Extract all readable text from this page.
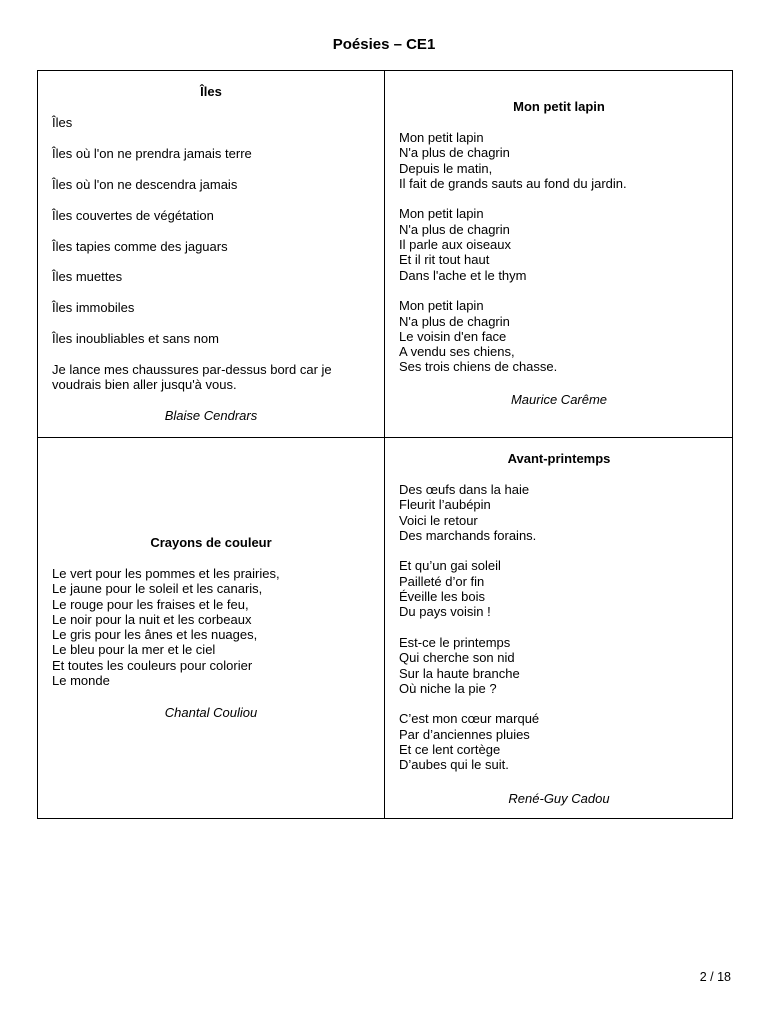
Poésies – CE1
Îles
Îles
Îles où l'on ne prendra jamais terre
Îles où l'on ne descendra jamais
Îles couvertes de végétation
Îles tapies comme des jaguars
Îles muettes
Îles immobiles
Îles inoubliables et sans nom
Je lance mes chaussures par-dessus bord car je voudrais bien aller jusqu'à vous.
Blaise Cendrars
Mon petit lapin
Mon petit lapin
N'a plus de chagrin
Depuis le matin,
Il fait de grands sauts au fond du jardin.
Mon petit lapin
N'a plus de chagrin
Il parle aux oiseaux
Et il rit tout haut
Dans l'ache et le thym
Mon petit lapin
N'a plus de chagrin
Le voisin d'en face
A vendu ses chiens,
Ses trois chiens de chasse.
Maurice Carême
Crayons de couleur
Le vert pour les pommes et les prairies,
Le jaune pour le soleil et les canaris,
Le rouge pour les fraises et le feu,
Le noir pour la nuit et les corbeaux
Le gris pour les ânes et les nuages,
Le bleu pour la mer et le ciel
Et toutes les couleurs pour colorier
Le monde
Chantal Couliou
Avant-printemps
Des œufs dans la haie
Fleurit l’aubépin
Voici le retour
Des marchands forains.
Et qu’un gai soleil
Pailleté d’or fin
Éveille les bois
Du pays voisin !
Est-ce le printemps
Qui cherche son nid
Sur la haute branche
Où niche la pie ?
C’est mon cœur marqué
Par d’anciennes pluies
Et ce lent cortège
D’aubes qui le suit.
René-Guy Cadou
2 / 18
